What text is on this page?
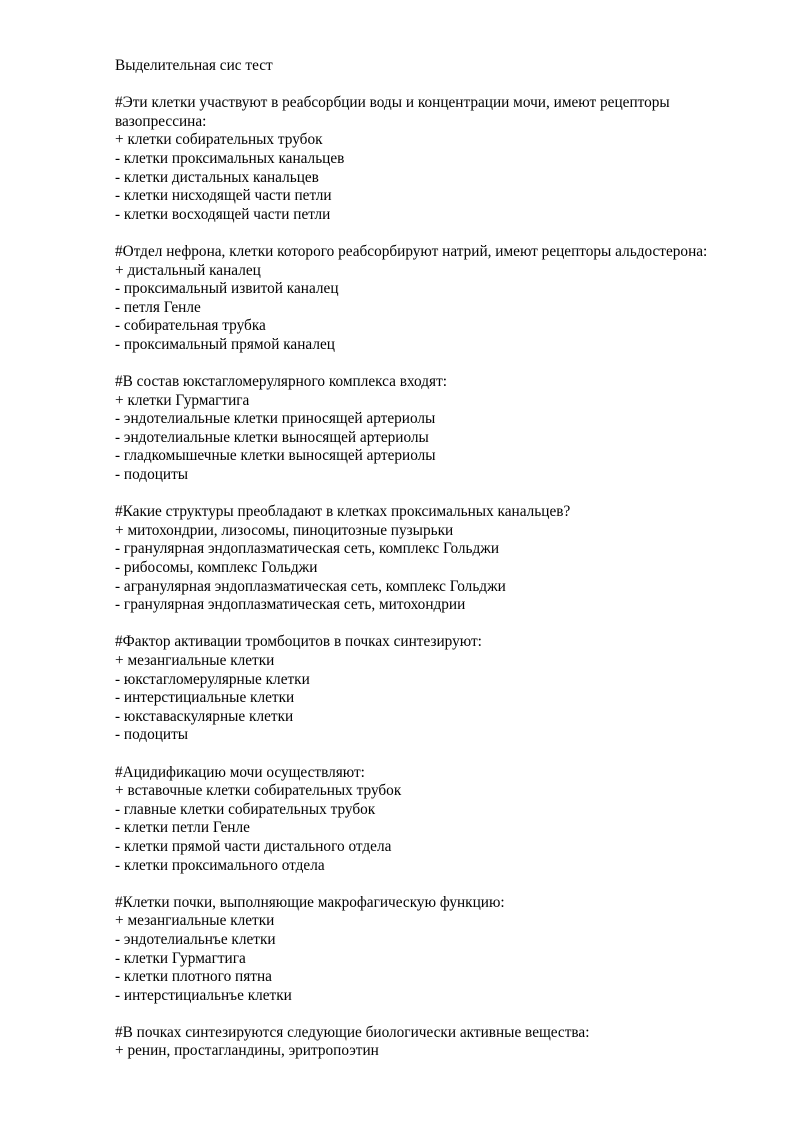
Выделительная сис тест
#Эти клетки участвуют в реабсорбции воды и концентрации мочи, имеют рецепторы вазопрессина:
+ клетки собирательных трубок
- клетки проксимальных канальцев
- клетки дистальных канальцев
- клетки нисходящей части петли
- клетки восходящей части петли
#Отдел нефрона, клетки которого реабсорбируют натрий, имеют рецепторы альдостерона:
+ дистальный каналец
- проксимальный извитой каналец
- петля Генле
- собирательная трубка
- проксимальный прямой каналец
#В состав юкстагломерулярного комплекса входят:
+ клетки Гурмагтига
- эндотелиальные клетки приносящей артериолы
- эндотелиальные клетки выносящей артериолы
- гладкомышечные клетки выносящей артериолы
- подоциты
#Какие структуры преобладают в клетках проксимальных канальцев?
+ митохондрии, лизосомы, пиноцитозные пузырьки
- гранулярная эндоплазматическая сеть, комплекс Гольджи
- рибосомы, комплекс Гольджи
- агранулярная эндоплазматическая сеть, комплекс Гольджи
- гранулярная эндоплазматическая сеть, митохондрии
#Фактор активации тромбоцитов в почках синтезируют:
+ мезангиальные клетки
- юкстагломерулярные клетки
- интерстициальные клетки
- юкставаскулярные клетки
- подоциты
#Ацидификацию мочи осуществляют:
+ вставочные клетки собирательных трубок
- главные клетки собирательных трубок
- клетки петли Генле
- клетки прямой части дистального отдела
- клетки проксимального отдела
#Клетки почки, выполняющие макрофагическую функцию:
+ мезангиальные клетки
- эндотелиальнъе клетки
- клетки Гурмагтига
- клетки плотного пятна
- интерстициальнъе клетки
#В почках синтезируются следующие биологически активные вещества:
+ ренин, простагландины, эритропоэтин
